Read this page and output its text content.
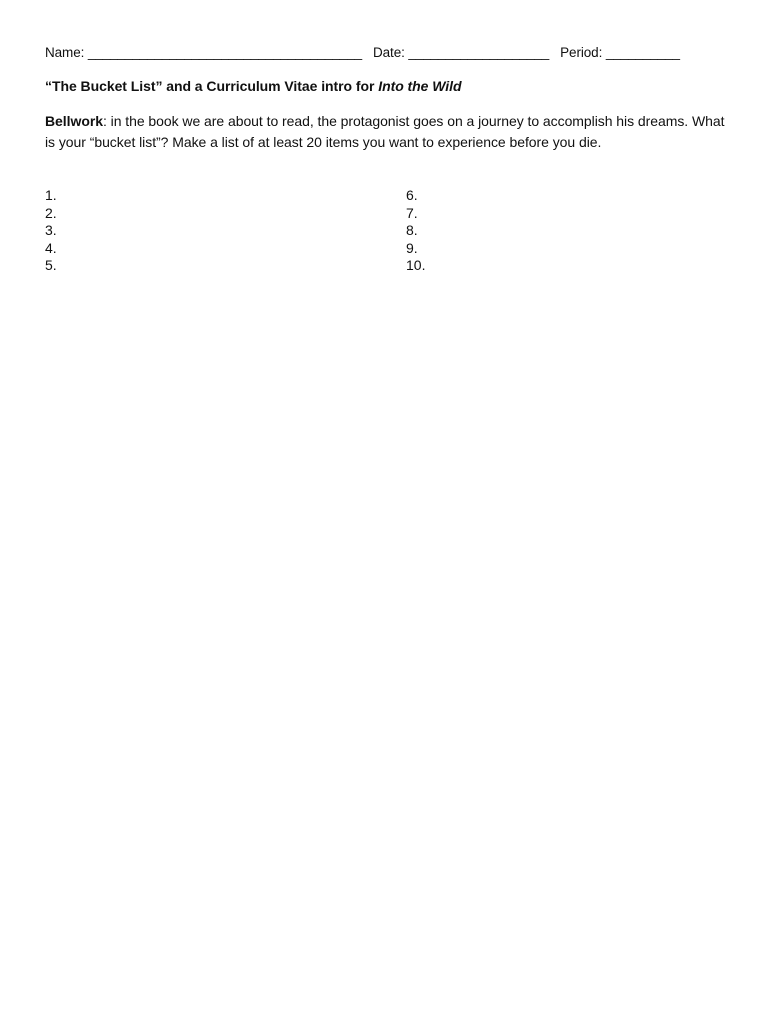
Name: _____________________________________ Date: ___________________ Period: __________
“The Bucket List” and a Curriculum Vitae intro for Into the Wild
Bellwork: in the book we are about to read, the protagonist goes on a journey to accomplish his dreams. What is your “bucket list”? Make a list of at least 20 items you want to experience before you die.
1.
2.
3.
4.
5.
6.
7.
8.
9.
10.
